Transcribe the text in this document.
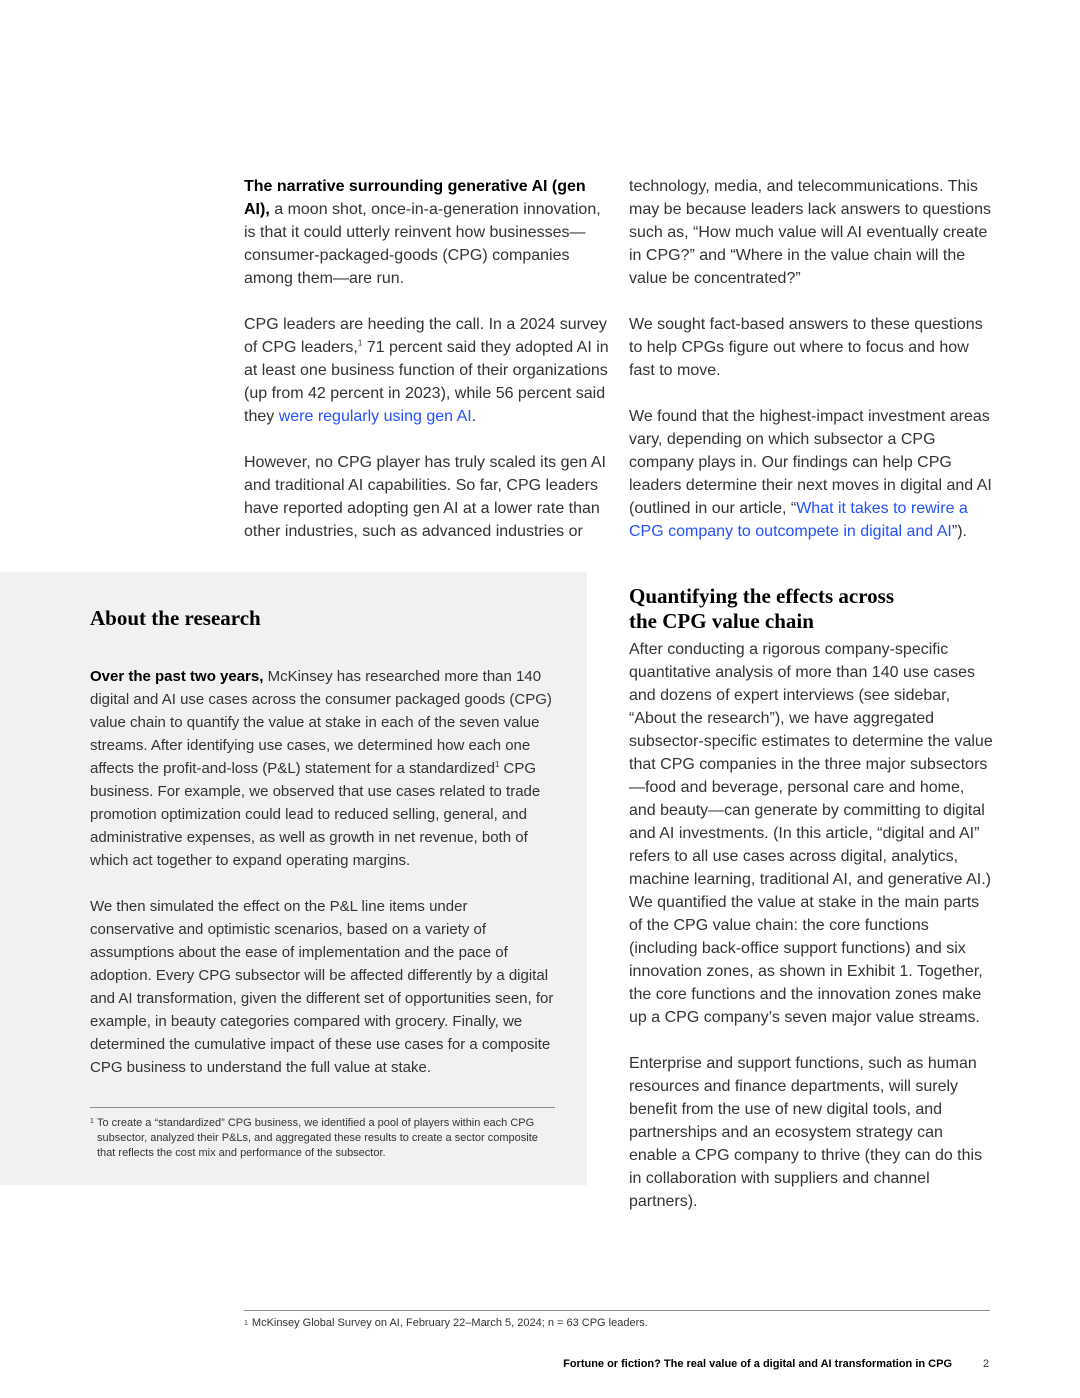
The narrative surrounding generative AI (gen AI), a moon shot, once-in-a-generation innovation, is that it could utterly reinvent how businesses—consumer-packaged-goods (CPG) companies among them—are run.

CPG leaders are heeding the call. In a 2024 survey of CPG leaders,$^1$ 71 percent said they adopted AI in at least one business function of their organizations (up from 42 percent in 2023), while 56 percent said they were regularly using gen AI.

However, no CPG player has truly scaled its gen AI and traditional AI capabilities. So far, CPG leaders have reported adopting gen AI at a lower rate than other industries, such as advanced industries or

technology, media, and telecommunications. This may be because leaders lack answers to questions such as, “How much value will AI eventually create in CPG?” and “Where in the value chain will the value be concentrated?”

We sought fact-based answers to these questions to help CPGs figure out where to focus and how fast to move.

We found that the highest-impact investment areas vary, depending on which subsector a CPG company plays in. Our findings can help CPG leaders determine their next moves in digital and AI (outlined in our article, “What it takes to rewire a CPG company to outcompete in digital and AI”).

About the research

Over the past two years, McKinsey has researched more than 140 digital and AI use cases across the consumer packaged goods (CPG) value chain to quantify the value at stake in each of the seven value streams. After identifying use cases, we determined how each one affects the profit-and-loss (P&L) statement for a standardized$^1$ CPG business. For example, we observed that use cases related to trade promotion optimization could lead to reduced selling, general, and administrative expenses, as well as growth in net revenue, both of which act together to expand operating margins.

We then simulated the effect on the P&L line items under conservative and optimistic scenarios, based on a variety of assumptions about the ease of implementation and the pace of adoption. Every CPG subsector will be affected differently by a digital and AI transformation, given the different set of opportunities seen, for example, in beauty categories compared with grocery. Finally, we determined the cumulative impact of these use cases for a composite CPG business to understand the full value at stake.

1 To create a “standardized” CPG business, we identified a pool of players within each CPG subsector, analyzed their P&Ls, and aggregated these results to create a sector composite that reflects the cost mix and performance of the subsector.

Quantifying the effects across
the CPG value chain

After conducting a rigorous company-specific quantitative analysis of more than 140 use cases and dozens of expert interviews (see sidebar, “About the research”), we have aggregated subsector-specific estimates to determine the value that CPG companies in the three major subsectors—food and beverage, personal care and home, and beauty—can generate by committing to digital and AI investments. (In this article, “digital and AI” refers to all use cases across digital, analytics, machine learning, traditional AI, and generative AI.) We quantified the value at stake in the main parts of the CPG value chain: the core functions (including back-office support functions) and six innovation zones, as shown in Exhibit 1. Together, the core functions and the innovation zones make up a CPG company’s seven major value streams.

Enterprise and support functions, such as human resources and finance departments, will surely benefit from the use of new digital tools, and partnerships and an ecosystem strategy can enable a CPG company to thrive (they can do this in collaboration with suppliers and channel partners).

$^1$ McKinsey Global Survey on AI, February 22–March 5, 2024; n = 63 CPG leaders.

Fortune or fiction? The real value of a digital and AI transformation in CPG	2
